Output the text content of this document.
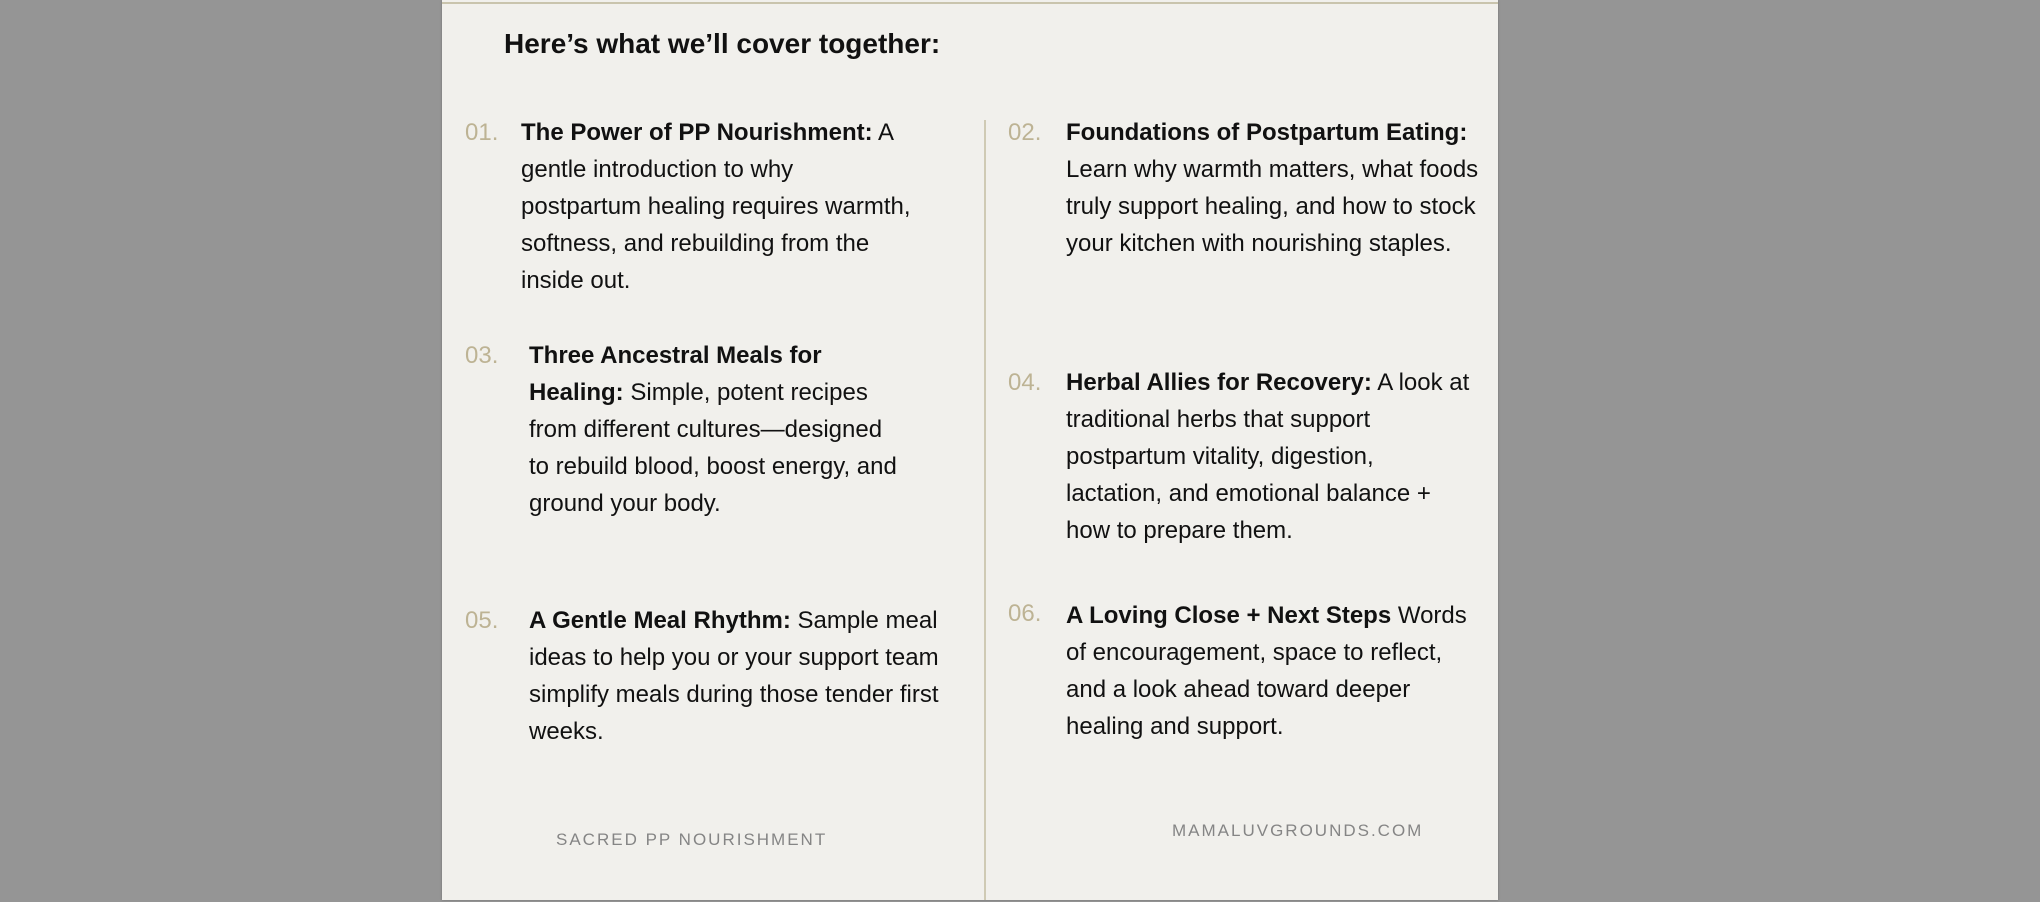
Here’s what we’ll cover together:
01. The Power of PP Nourishment: A gentle introduction to why postpartum healing requires warmth, softness, and rebuilding from the inside out.

02. Foundations of Postpartum Eating: Learn why warmth matters, what foods truly support healing, and how to stock your kitchen with nourishing staples.

03. Three Ancestral Meals for Healing: Simple, potent recipes from different cultures—designed to rebuild blood, boost energy, and ground your body.

04. Herbal Allies for Recovery: A look at traditional herbs that support postpartum vitality, digestion, lactation, and emotional balance + how to prepare them.

05. A Gentle Meal Rhythm: Sample meal ideas to help you or your support team simplify meals during those tender first weeks.

06. A Loving Close + Next Steps Words of encouragement, space to reflect, and a look ahead toward deeper healing and support.

SACRED PP NOURISHMENT	MAMALUVGROUNDS.COM
